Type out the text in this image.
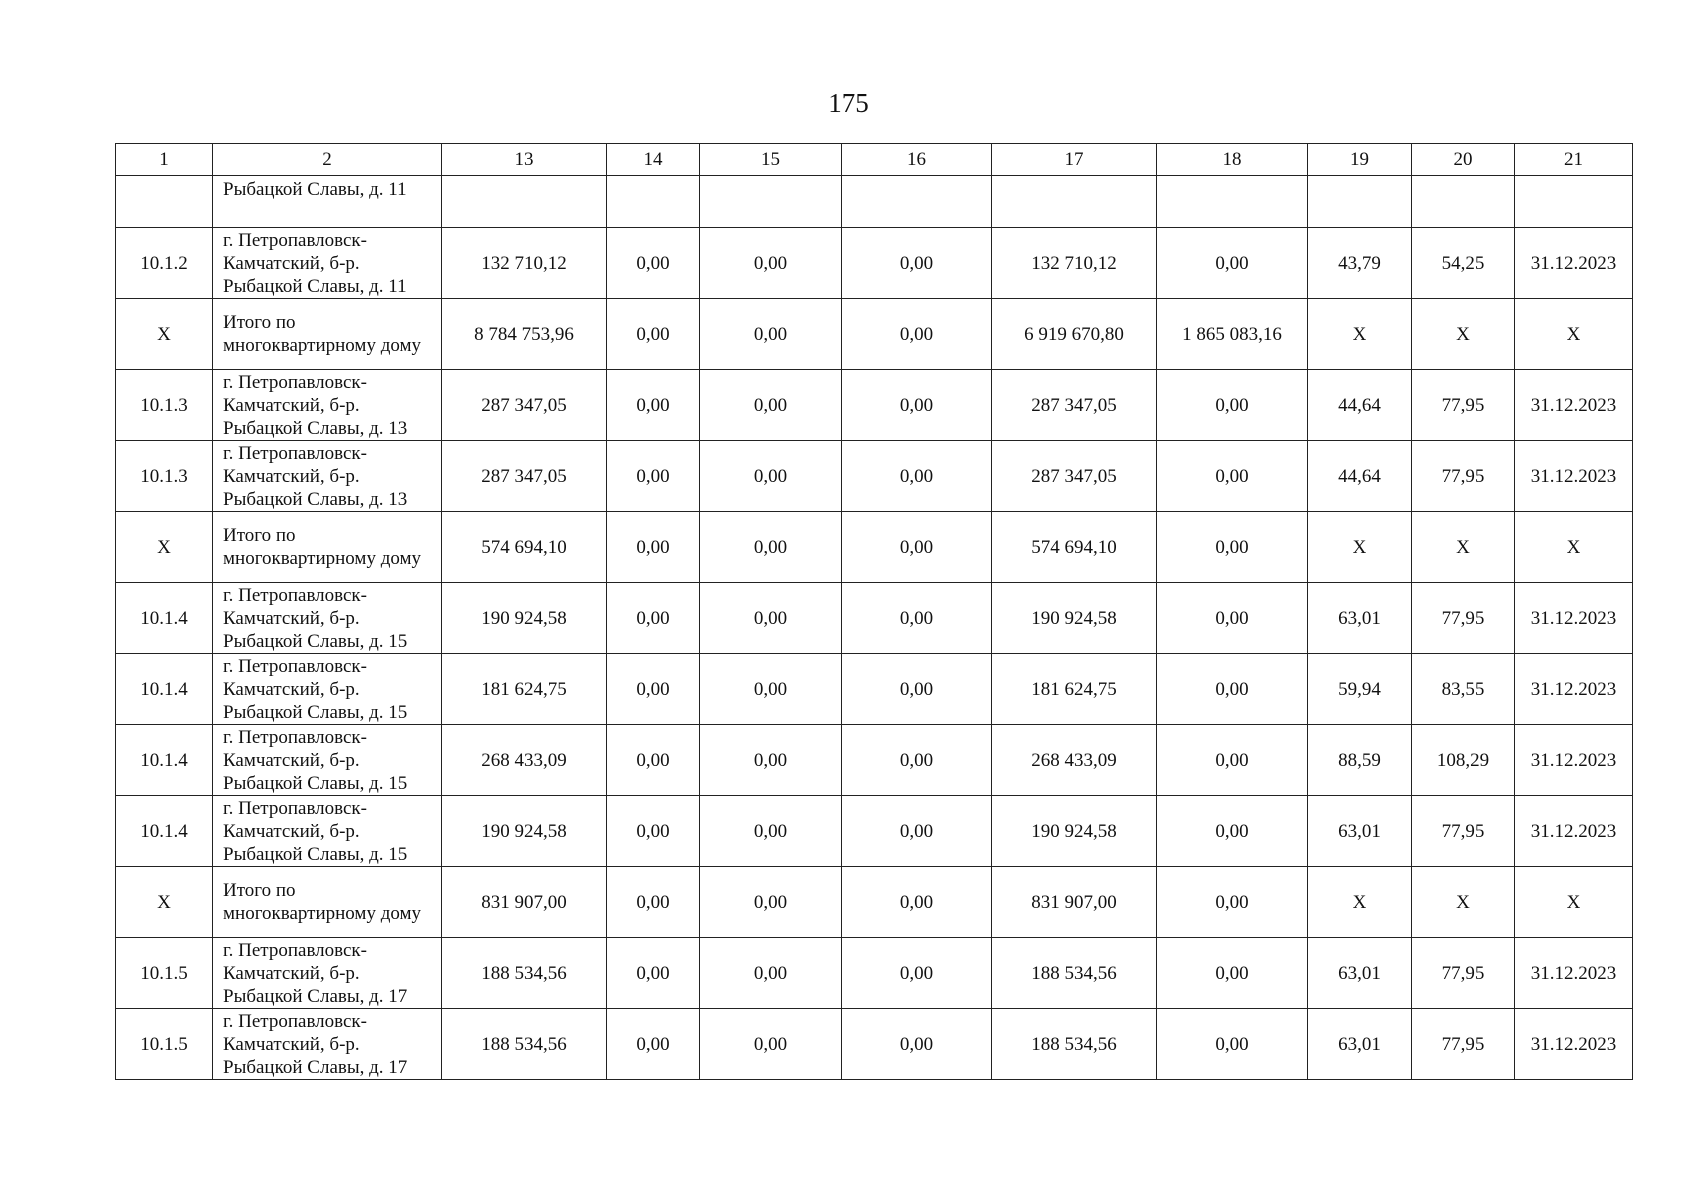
175
1	2	13	14	15	16	17	18	19	20	21
	Рыбацкой Славы, д. 11									
10.1.2	г. Петропавловск-Камчатский, б-р. Рыбацкой Славы, д. 11	132 710,12	0,00	0,00	0,00	132 710,12	0,00	43,79	54,25	31.12.2023
X	Итого по многоквартирному дому	8 784 753,96	0,00	0,00	0,00	6 919 670,80	1 865 083,16	X	X	X
10.1.3	г. Петропавловск-Камчатский, б-р. Рыбацкой Славы, д. 13	287 347,05	0,00	0,00	0,00	287 347,05	0,00	44,64	77,95	31.12.2023
10.1.3	г. Петропавловск-Камчатский, б-р. Рыбацкой Славы, д. 13	287 347,05	0,00	0,00	0,00	287 347,05	0,00	44,64	77,95	31.12.2023
X	Итого по многоквартирному дому	574 694,10	0,00	0,00	0,00	574 694,10	0,00	X	X	X
10.1.4	г. Петропавловск-Камчатский, б-р. Рыбацкой Славы, д. 15	190 924,58	0,00	0,00	0,00	190 924,58	0,00	63,01	77,95	31.12.2023
10.1.4	г. Петропавловск-Камчатский, б-р. Рыбацкой Славы, д. 15	181 624,75	0,00	0,00	0,00	181 624,75	0,00	59,94	83,55	31.12.2023
10.1.4	г. Петропавловск-Камчатский, б-р. Рыбацкой Славы, д. 15	268 433,09	0,00	0,00	0,00	268 433,09	0,00	88,59	108,29	31.12.2023
10.1.4	г. Петропавловск-Камчатский, б-р. Рыбацкой Славы, д. 15	190 924,58	0,00	0,00	0,00	190 924,58	0,00	63,01	77,95	31.12.2023
X	Итого по многоквартирному дому	831 907,00	0,00	0,00	0,00	831 907,00	0,00	X	X	X
10.1.5	г. Петропавловск-Камчатский, б-р. Рыбацкой Славы, д. 17	188 534,56	0,00	0,00	0,00	188 534,56	0,00	63,01	77,95	31.12.2023
10.1.5	г. Петропавловск-Камчатский, б-р. Рыбацкой Славы, д. 17	188 534,56	0,00	0,00	0,00	188 534,56	0,00	63,01	77,95	31.12.2023
